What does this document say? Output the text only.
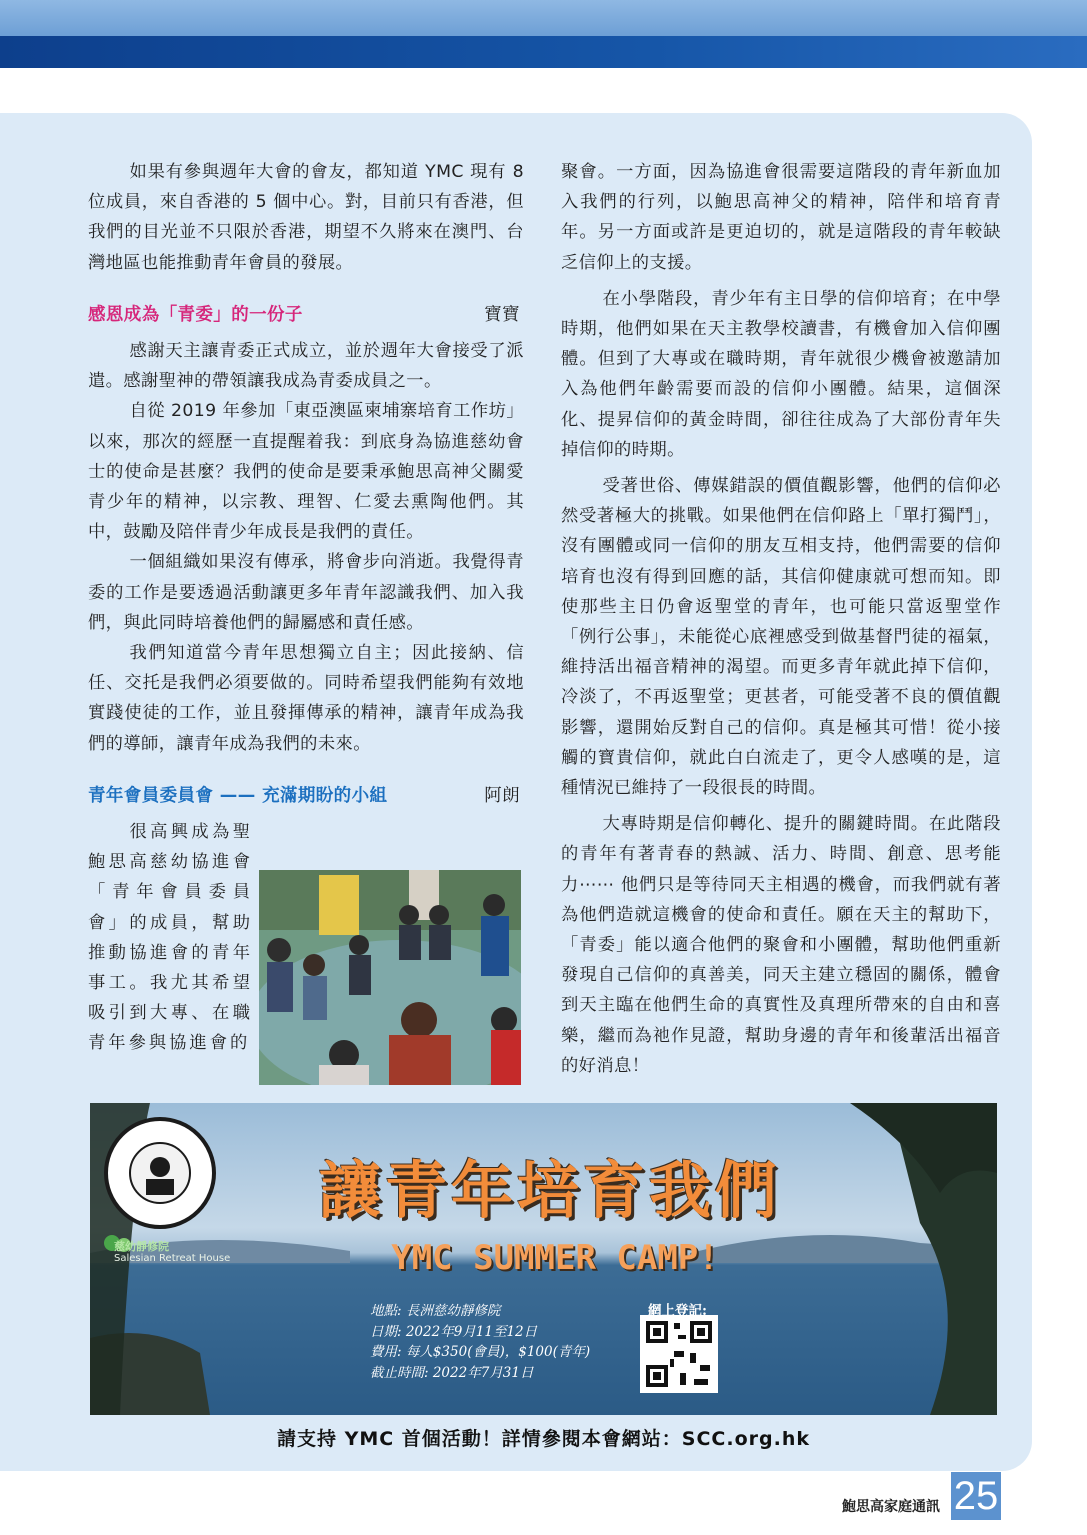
如果有參與週年大會的會友，都知道 YMC 現有 8 位成員，來自香港的 5 個中心。對，目前只有香港，但我們的目光並不只限於香港，期望不久將來在澳門、台灣地區也能推動青年會員的發展。

感恩成為「青委」的一份子	寶寶

感謝天主讓青委正式成立，並於週年大會接受了派遣。感謝聖神的帶領讓我成為青委成員之一。

自從 2019 年參加「東亞澳區柬埔寨培育工作坊」以來，那次的經歷一直提醒着我：到底身為協進慈幼會士的使命是甚麼？我們的使命是要秉承鮑思高神父關愛青少年的精神，以宗教、理智、仁愛去熏陶他們。其中，鼓勵及陪伴青少年成長是我們的責任。

一個組織如果沒有傳承，將會步向消逝。我覺得青委的工作是要透過活動讓更多年青年認識我們、加入我們，與此同時培養他們的歸屬感和責任感。

我們知道當今青年思想獨立自主；因此接納、信任、交托是我們必須要做的。同時希望我們能夠有效地實踐使徒的工作，並且發揮傳承的精神，讓青年成為我們的導師，讓青年成為我們的未來。

青年會員委員會 —— 充滿期盼的小組	阿朗

很高興成為聖鮑思高慈幼協進會「青年會員委員會」的成員，幫助推動協進會的青年事工。我尤其希望吸引到大專、在職青年參與協進會的

聚會。一方面，因為協進會很需要這階段的青年新血加入我們的行列，以鮑思高神父的精神，陪伴和培育青年。另一方面或許是更迫切的，就是這階段的青年較缺乏信仰上的支援。

在小學階段，青少年有主日學的信仰培育；在中學時期，他們如果在天主教學校讀書，有機會加入信仰團體。但到了大專或在職時期，青年就很少機會被邀請加入為他們年齡需要而設的信仰小團體。結果，這個深化、提昇信仰的黃金時間，卻往往成為了大部份青年失掉信仰的時期。

受著世俗、傳媒錯誤的價值觀影響，他們的信仰必然受著極大的挑戰。如果他們在信仰路上「單打獨鬥」，沒有團體或同一信仰的朋友互相支持，他們需要的信仰培育也沒有得到回應的話，其信仰健康就可想而知。即使那些主日仍會返聖堂的青年，也可能只當返聖堂作「例行公事」，未能從心底裡感受到做基督門徒的福氣，維持活出福音精神的渴望。而更多青年就此掉下信仰，冷淡了，不再返聖堂；更甚者，可能受著不良的價值觀影響，還開始反對自己的信仰。真是極其可惜！從小接觸的寶貴信仰，就此白白流走了，更令人感嘆的是，這種情況已維持了一段很長的時間。

大專時期是信仰轉化、提升的關鍵時間。在此階段的青年有著青春的熱誠、活力、時間、創意、思考能力⋯⋯ 他們只是等待同天主相遇的機會，而我們就有著為他們造就這機會的使命和責任。願在天主的幫助下，「青委」能以適合他們的聚會和小團體，幫助他們重新發現自己信仰的真善美，同天主建立穩固的關係，體會到天主臨在他們生命的真實性及真理所帶來的自由和喜樂，繼而為祂作見證，幫助身邊的青年和後輩活出福音的好消息！

慈幼靜修院
Salesian Retreat House
讓青年培育我們
YMC SUMMER CAMP!
地點: 長洲慈幼靜修院
日期: 2022年9月11至12日
費用: 每人$350(會員)，$100(青年)
截止時間: 2022年7月31日
網上登記:
請支持 YMC 首個活動！詳情參閱本會網站：SCC.org.hk
鮑思高家庭通訊 25
